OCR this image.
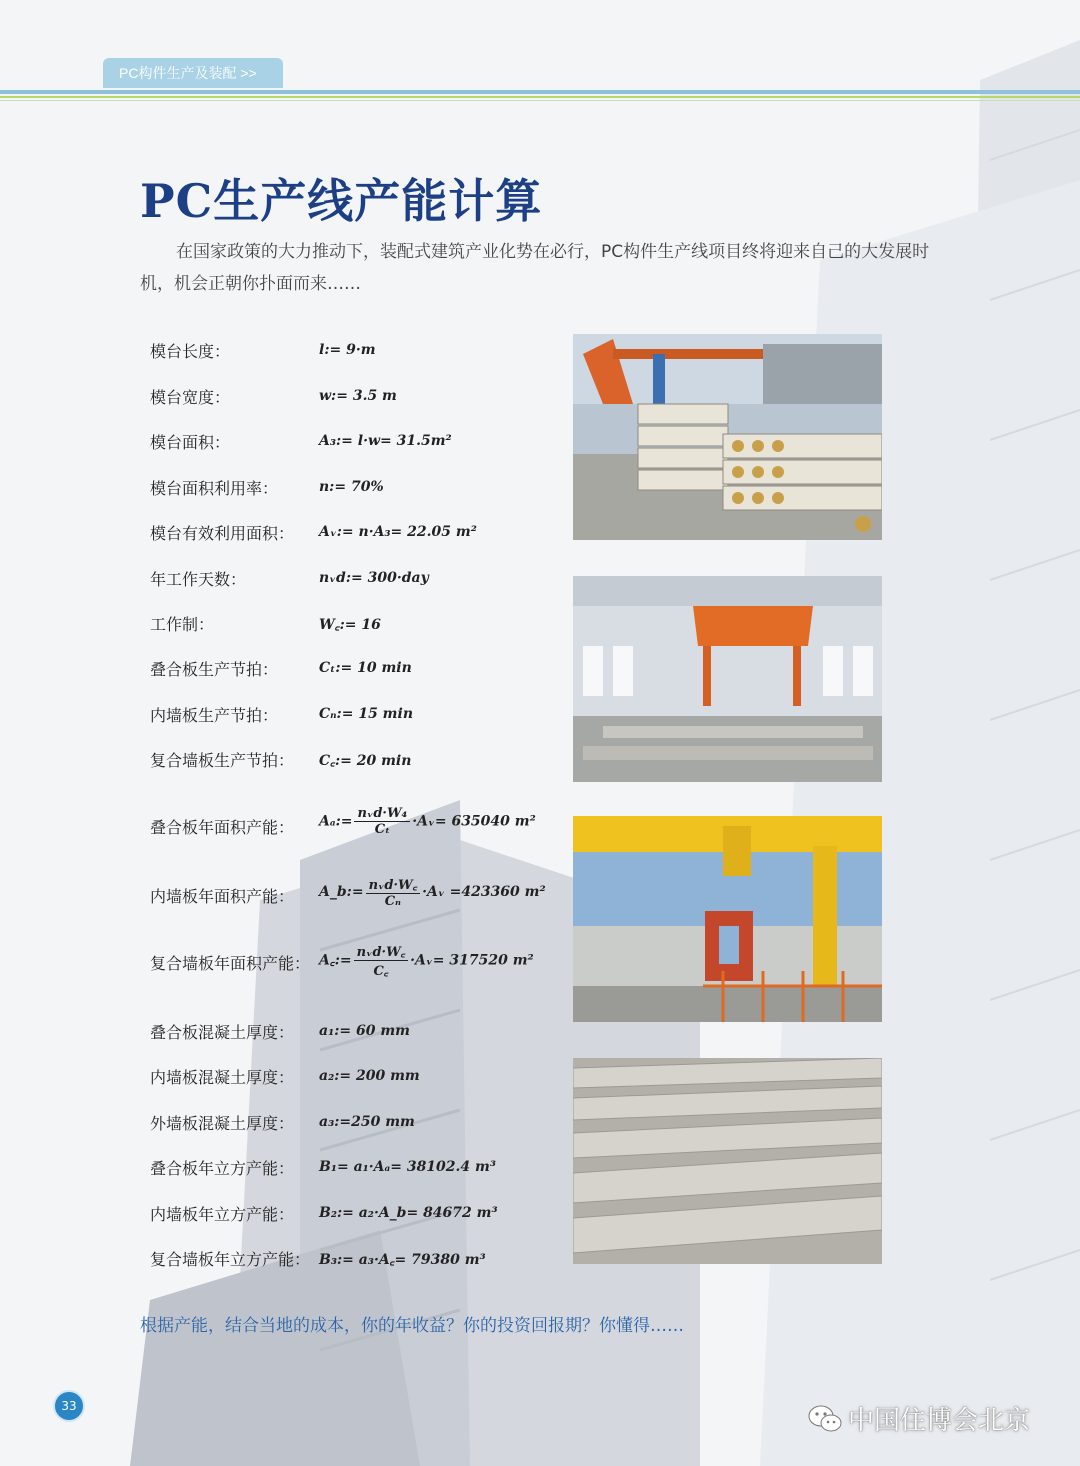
PC构件生产及装配 >>
PC生产线产能计算

在国家政策的大力推动下，装配式建筑产业化势在必行，PC构件生产线项目终将迎来自己的大发展时机，机会正朝你扑面而来……

模台长度：	l:= 9·m
模台宽度：	w:= 3.5 m
模台面积：	A₃:= l·w= 31.5m²
模台面积利用率：	n:= 70%
模台有效利用面积： Aᵥ:= n·A₃= 22.05 m²
年工作天数：	nᵥd:= 300·day
工作制：	W꜀:= 16
叠合板生产节拍：	Cₜ:= 10 min
内墙板生产节拍：	Cₙ:= 15 min
复合墙板生产节拍： C꜀:= 20 min
叠合板年面积产能： Aₐ:= $\frac{\text{nᵥd·W₄}}{\text{Cₜ}}$ ·Aᵥ= 635040 m²
内墙板年面积产能： A_b:= $\frac{\text{nᵥd·W꜀}}{\text{Cₙ}}$ ·Aᵥ =423360 m²
复合墙板年面积产能： A꜀:= $\frac{\text{nᵥd·W꜀}}{C꜀}$ ·Aᵥ= 317520 m²
叠合板混凝土厚度： a₁:= 60 mm
内墙板混凝土厚度： a₂:= 200 mm
外墙板混凝土厚度： a₃:=250 mm
叠合板年立方产能： B₁= a₁·Aₐ= 38102.4 m³
内墙板年立方产能： B₂:= a₂·A_b= 84672 m³
复合墙板年立方产能： B₃:= a₃·A꜀= 79380 m³

根据产能，结合当地的成本，你的年收益？你的投资回报期？你懂得……

33	中国住博会北京
